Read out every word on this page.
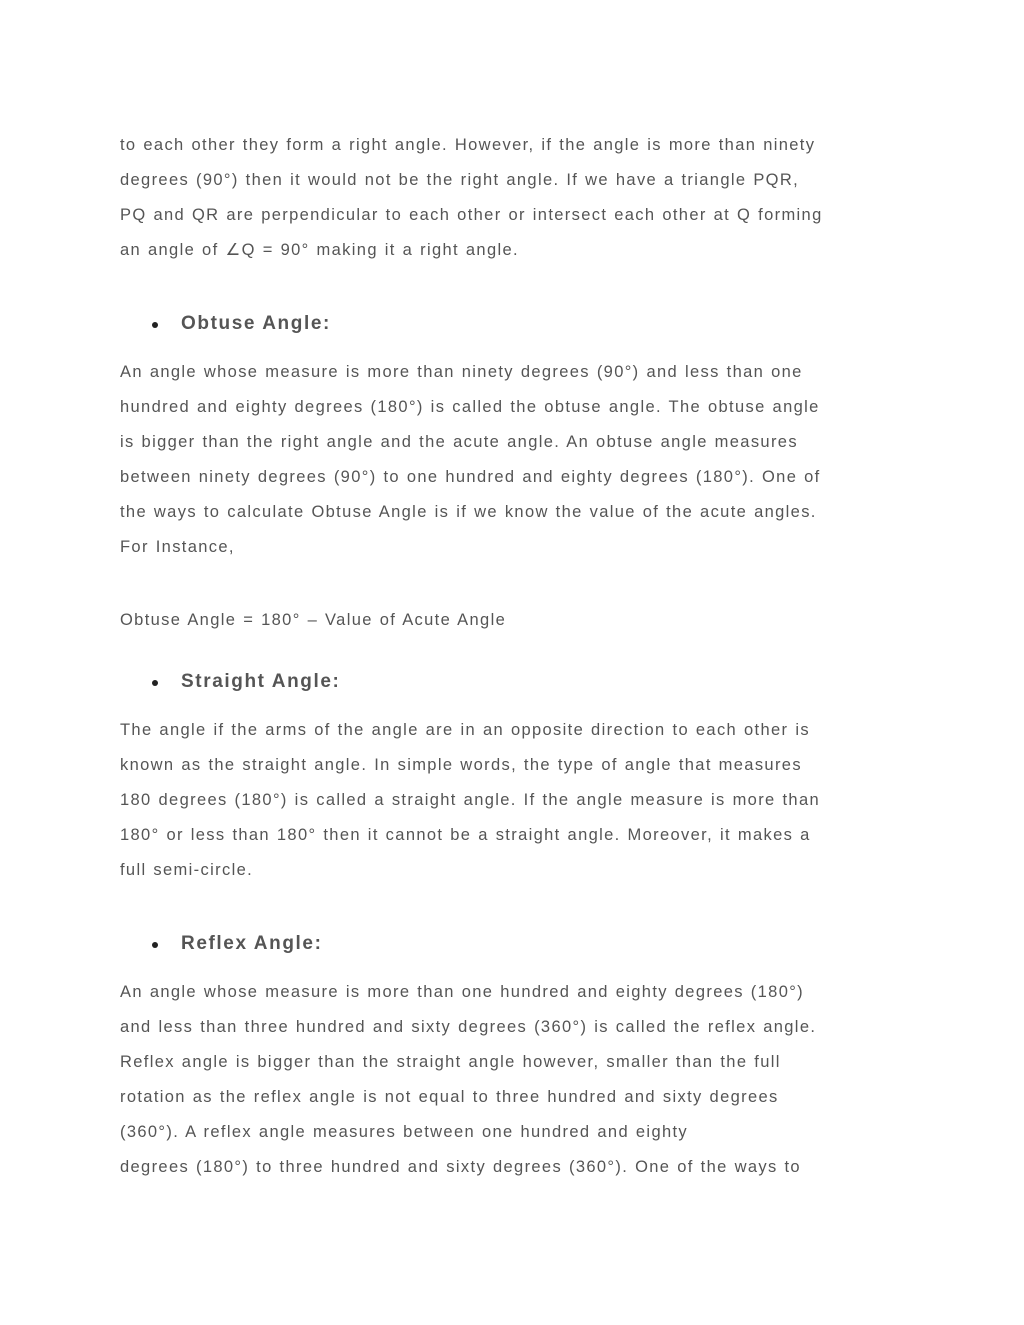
to each other they form a right angle. However, if the angle is more than ninety
degrees (90°) then it would not be the right angle. If we have a triangle PQR,
PQ and QR are perpendicular to each other or intersect each other at Q forming
an angle of ∠Q = 90° making it a right angle.

Obtuse Angle:

An angle whose measure is more than ninety degrees (90°) and less than one
hundred and eighty degrees (180°) is called the obtuse angle. The obtuse angle
is bigger than the right angle and the acute angle. An obtuse angle measures
between ninety degrees (90°) to one hundred and eighty degrees (180°). One of
the ways to calculate Obtuse Angle is if we know the value of the acute angles.
For Instance,

Obtuse Angle = 180° – Value of Acute Angle

Straight Angle:

The angle if the arms of the angle are in an opposite direction to each other is
known as the straight angle. In simple words, the type of angle that measures
180 degrees (180°) is called a straight angle. If the angle measure is more than
180° or less than 180° then it cannot be a straight angle. Moreover, it makes a
full semi-circle.

Reflex Angle:

An angle whose measure is more than one hundred and eighty degrees (180°)
and less than three hundred and sixty degrees (360°) is called the reflex angle.
Reflex angle is bigger than the straight angle however, smaller than the full
rotation as the reflex angle is not equal to three hundred and sixty degrees
(360°). A reflex angle measures between one hundred and eighty
degrees (180°) to three hundred and sixty degrees (360°). One of the ways to
